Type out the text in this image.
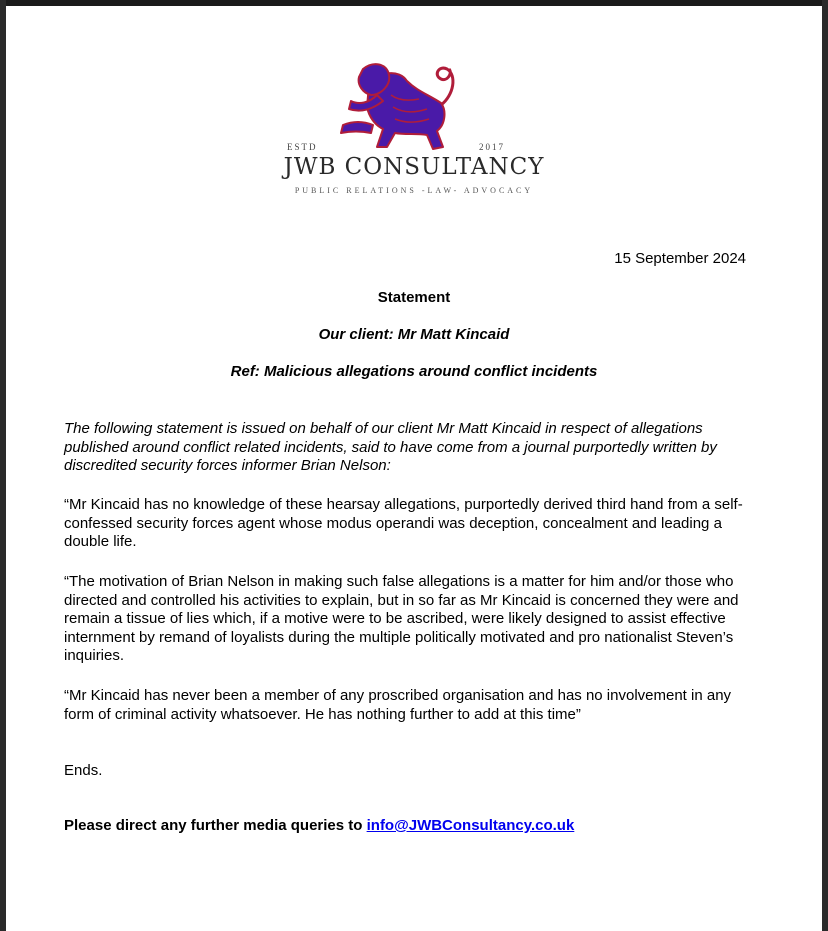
ESTD	2017
JWB CONSULTANCY
PUBLIC RELATIONS -LAW- ADVOCACY
15 September 2024
Statement
Our client: Mr Matt Kincaid
Ref: Malicious allegations around conflict incidents

The following statement is issued on behalf of our client Mr Matt Kincaid in respect of allegations published around conflict related incidents, said to have come from a journal purportedly written by discredited security forces informer Brian Nelson:

“Mr Kincaid has no knowledge of these hearsay allegations, purportedly derived third hand from a self-confessed security forces agent whose modus operandi was deception, concealment and leading a double life.

“The motivation of Brian Nelson in making such false allegations is a matter for him and/or those who directed and controlled his activities to explain, but in so far as Mr Kincaid is concerned they were and remain a tissue of lies which, if a motive were to be ascribed, were likely designed to assist effective internment by remand of loyalists during the multiple politically motivated and pro nationalist Steven’s inquiries.

“Mr Kincaid has never been a member of any proscribed organisation and has no involvement in any form of criminal activity whatsoever. He has nothing further to add at this time”

Ends.

Please direct any further media queries to info@JWBConsultancy.co.uk
